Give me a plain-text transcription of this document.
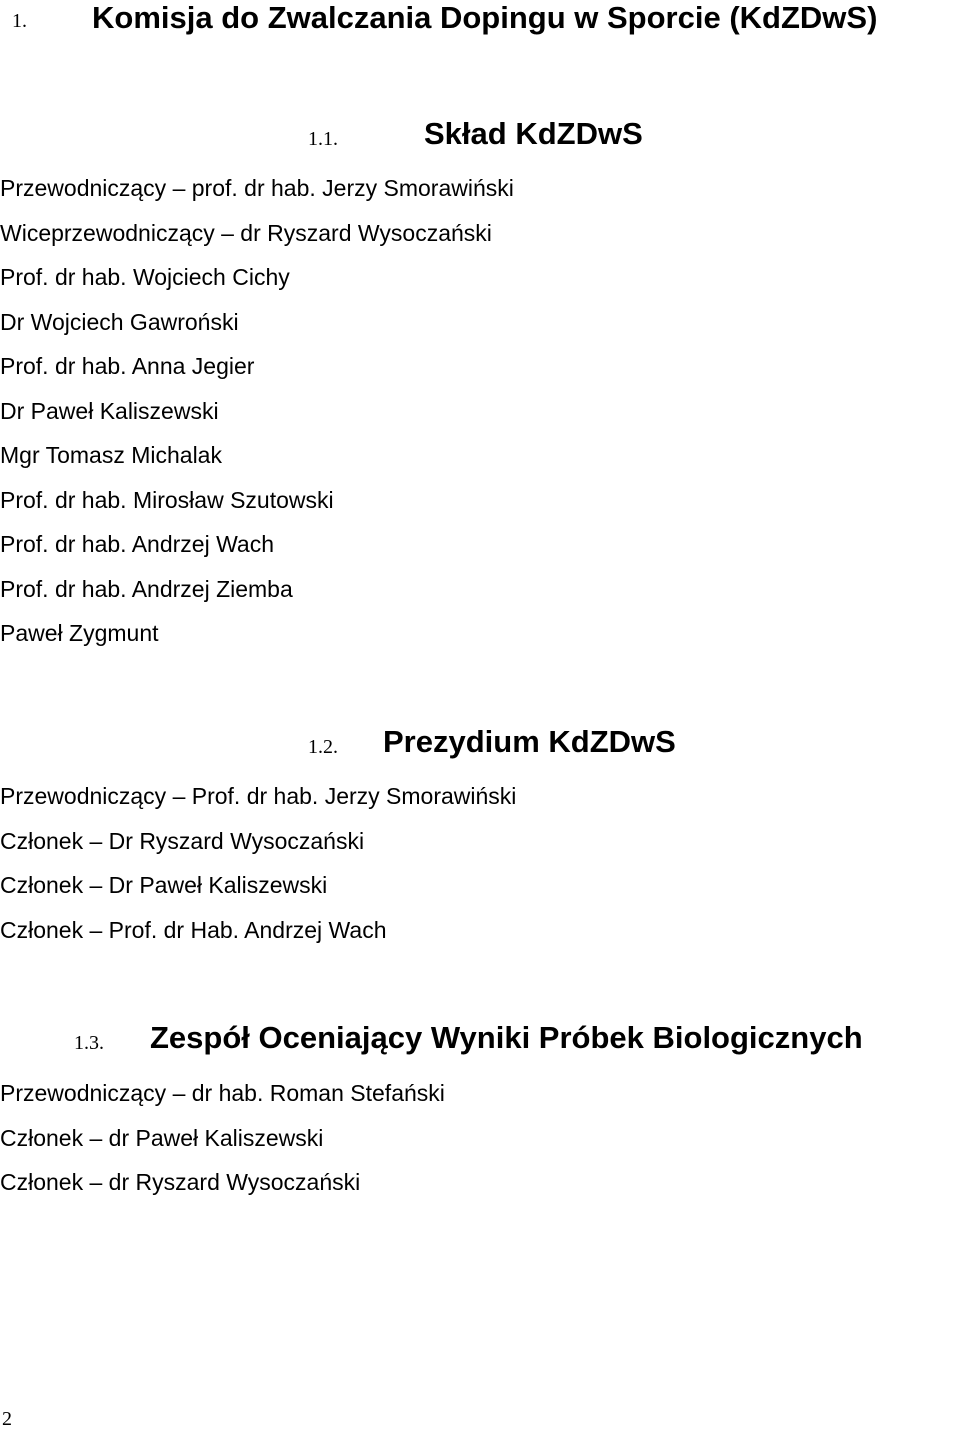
1. Komisja do Zwalczania Dopingu w Sporcie (KdZDwS)
1.1.	Skład KdZDwS
Przewodniczący – prof. dr hab. Jerzy Smorawiński
Wiceprzewodniczący – dr Ryszard Wysoczański
Prof. dr hab. Wojciech Cichy
Dr Wojciech Gawroński
Prof. dr hab. Anna Jegier
Dr Paweł Kaliszewski
Mgr Tomasz Michalak
Prof. dr hab. Mirosław Szutowski
Prof. dr hab. Andrzej Wach
Prof. dr hab. Andrzej Ziemba
Paweł Zygmunt
1.2. Prezydium KdZDwS
Przewodniczący – Prof. dr hab. Jerzy Smorawiński
Członek – Dr Ryszard Wysoczański
Członek – Dr Paweł Kaliszewski
Członek – Prof. dr Hab. Andrzej Wach
1.3. Zespół Oceniający Wyniki Próbek Biologicznych
Przewodniczący – dr hab. Roman Stefański
Członek – dr Paweł Kaliszewski
Członek – dr Ryszard Wysoczański
2
